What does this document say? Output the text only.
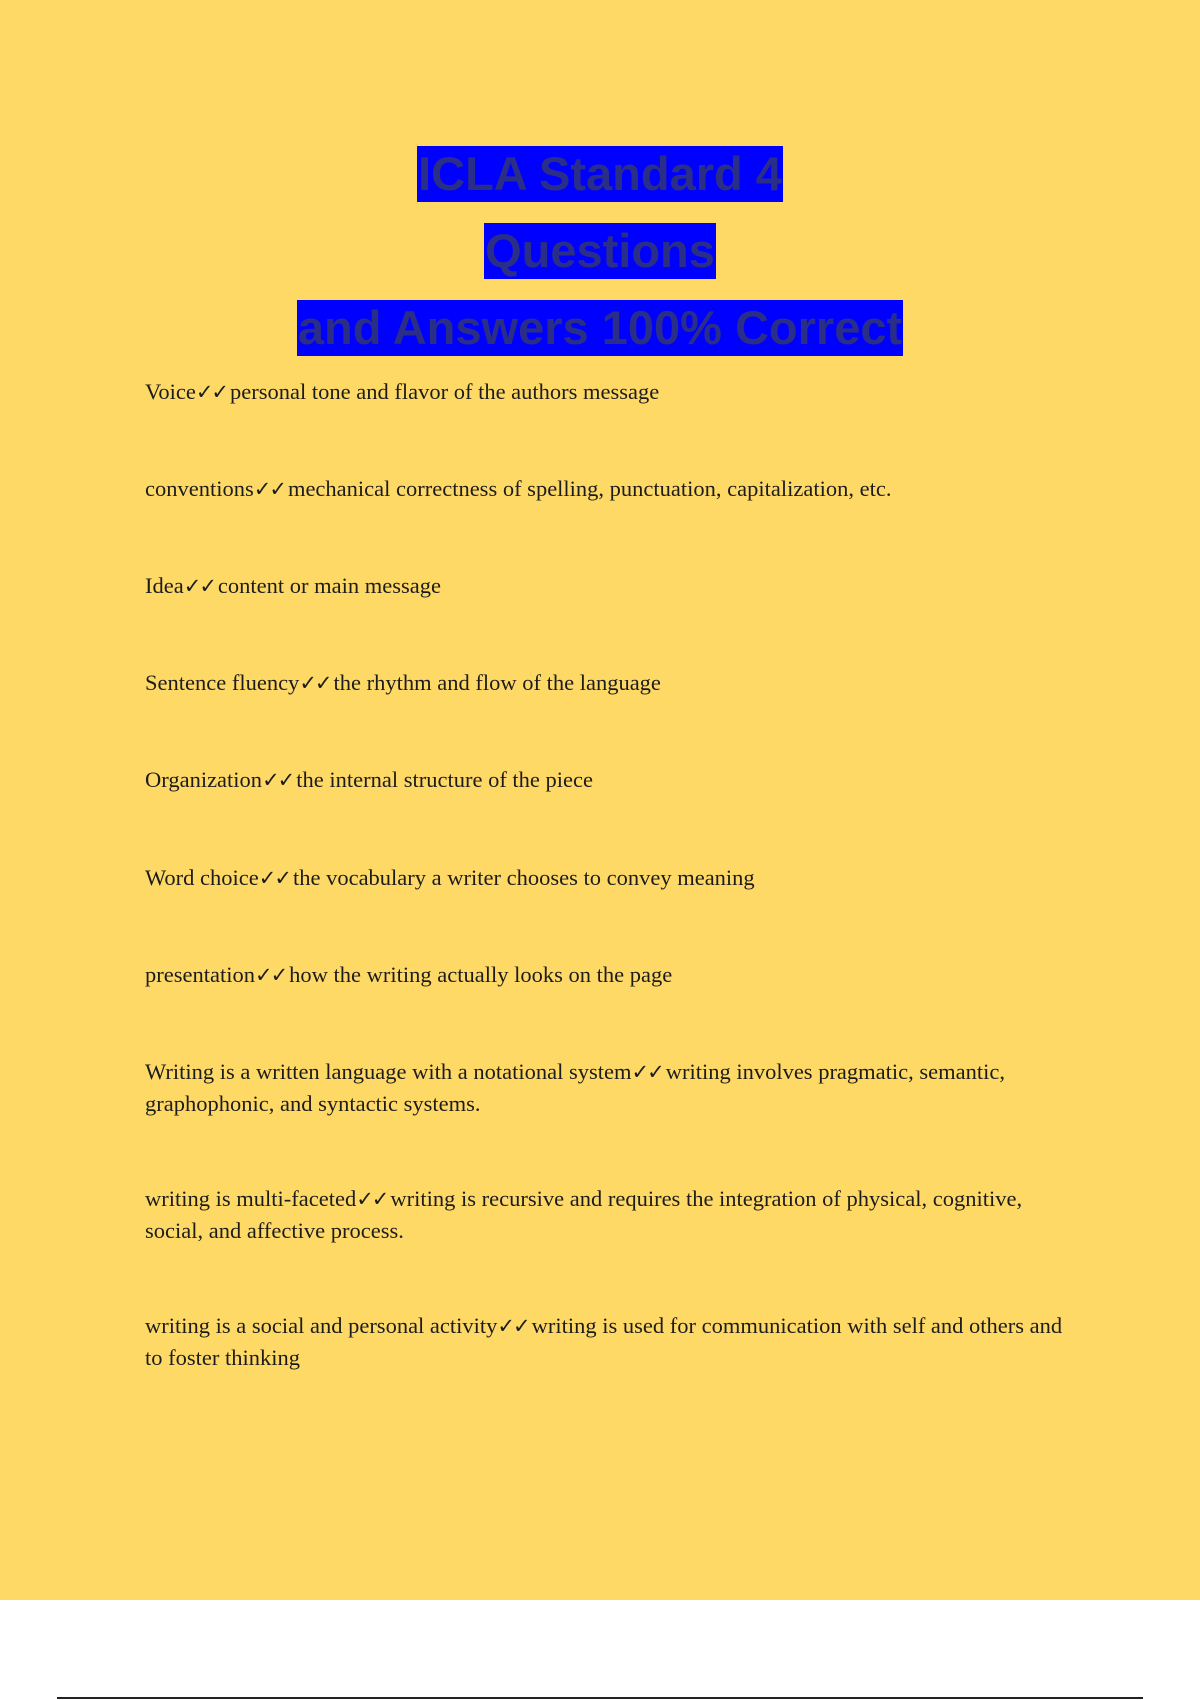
ICLA Standard 4
Questions
and Answers 100% Correct

Voice✓✓ personal tone and flavor of the authors message

conventions✓✓ mechanical correctness of spelling, punctuation, capitalization, etc.

Idea✓✓ content or main message

Sentence fluency✓✓ the rhythm and flow of the language

Organization✓✓ the internal structure of the piece

Word choice✓✓ the vocabulary a writer chooses to convey meaning

presentation✓✓ how the writing actually looks on the page

Writing is a written language with a notational system✓✓ writing involves pragmatic, semantic, graphophonic, and syntactic systems.

writing is multi-faceted✓✓ writing is recursive and requires the integration of physical, cognitive, social, and affective process.

writing is a social and personal activity✓✓ writing is used for communication with self and others and to foster thinking
